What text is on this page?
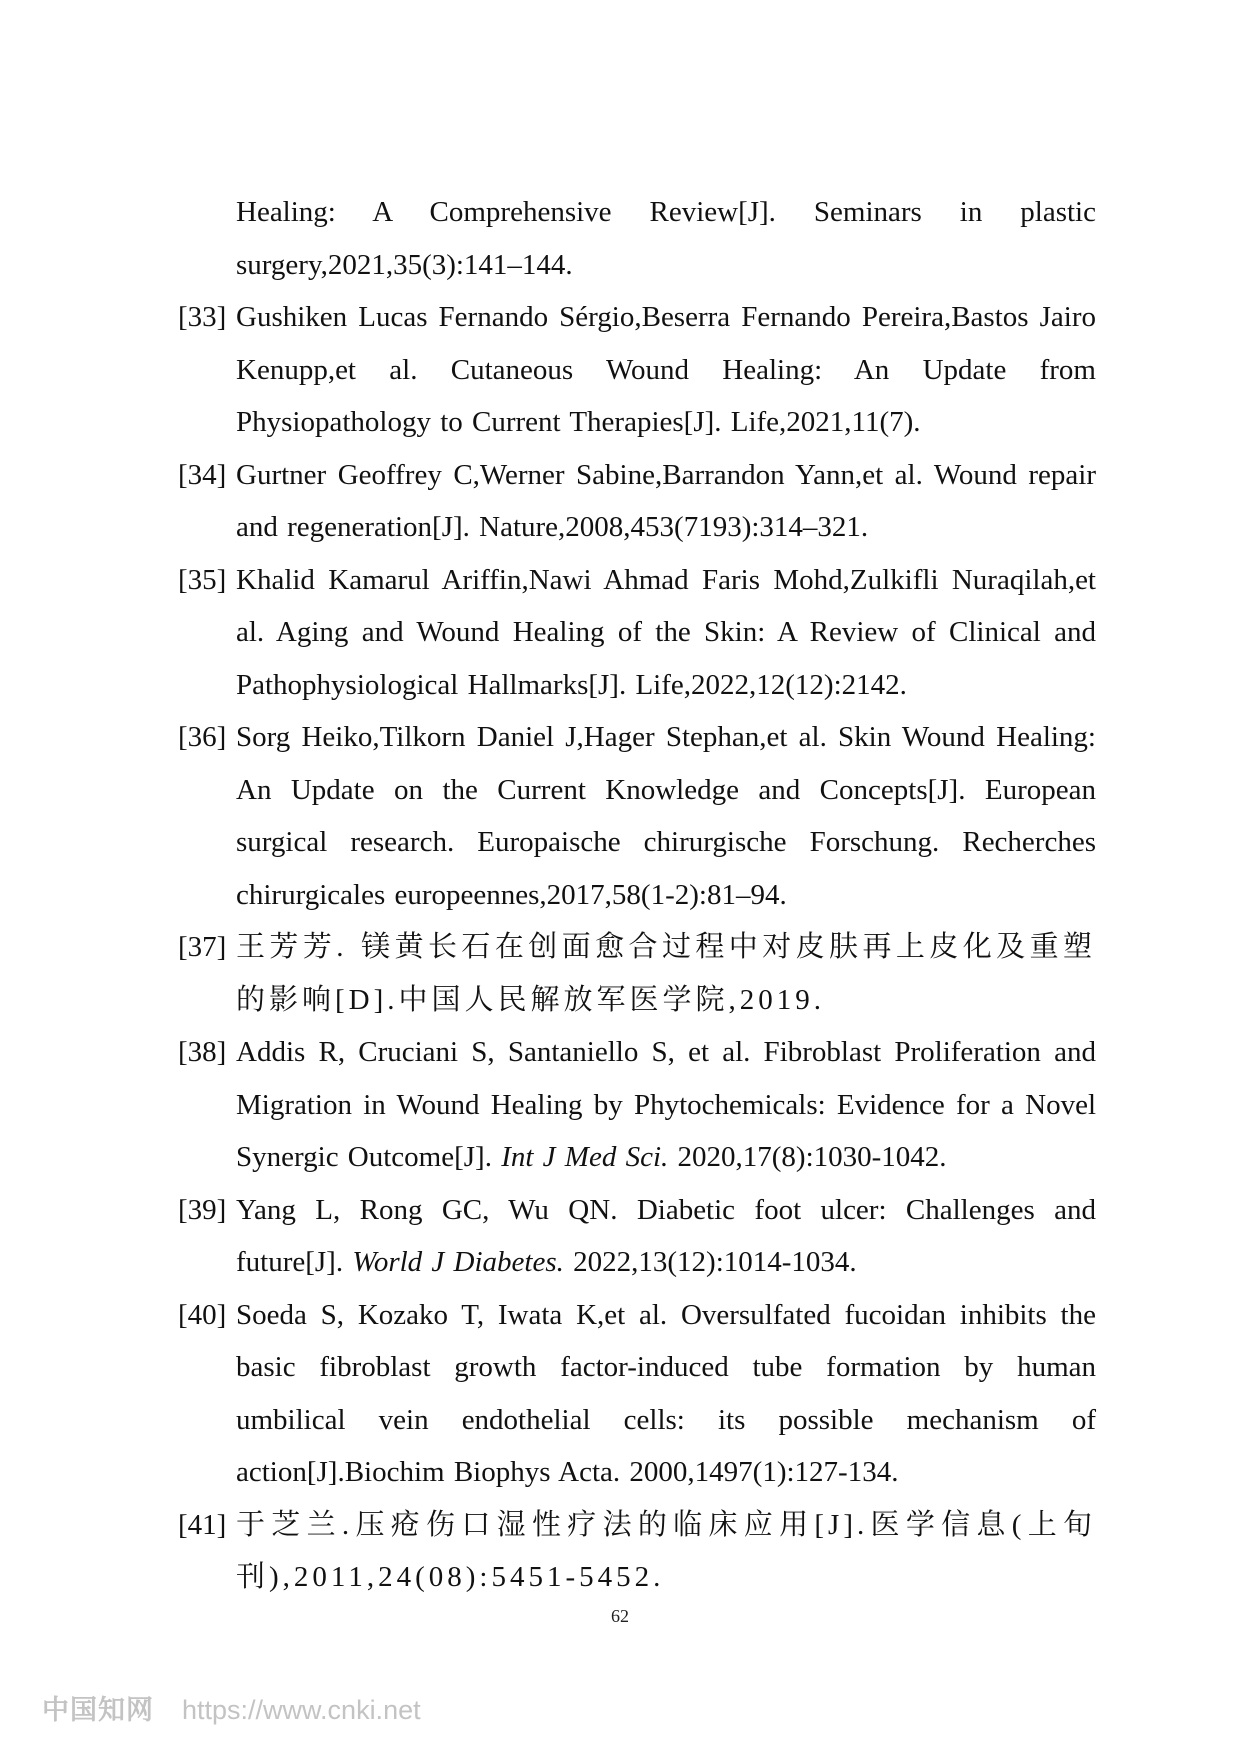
Healing: A Comprehensive Review[J]. Seminars in plastic surgery,2021,35(3):141–144.
[33] Gushiken Lucas Fernando Sérgio,Beserra Fernando Pereira,Bastos Jairo Kenupp,et al. Cutaneous Wound Healing: An Update from Physiopathology to Current Therapies[J]. Life,2021,11(7).
[34] Gurtner Geoffrey C,Werner Sabine,Barrandon Yann,et al. Wound repair and regeneration[J]. Nature,2008,453(7193):314–321.
[35] Khalid Kamarul Ariffin,Nawi Ahmad Faris Mohd,Zulkifli Nuraqilah,et al. Aging and Wound Healing of the Skin: A Review of Clinical and Pathophysiological Hallmarks[J]. Life,2022,12(12):2142.
[36] Sorg Heiko,Tilkorn Daniel J,Hager Stephan,et al. Skin Wound Healing: An Update on the Current Knowledge and Concepts[J]. European surgical research. Europaische chirurgische Forschung. Recherches chirurgicales europeennes,2017,58(1-2):81–94.
[37] 王芳芳. 镁黄长石在创面愈合过程中对皮肤再上皮化及重塑的影响[D].中国人民解放军医学院,2019.
[38] Addis R, Cruciani S, Santaniello S, et al. Fibroblast Proliferation and Migration in Wound Healing by Phytochemicals: Evidence for a Novel Synergic Outcome[J]. Int J Med Sci. 2020,17(8):1030-1042.
[39] Yang L, Rong GC, Wu QN. Diabetic foot ulcer: Challenges and future[J]. World J Diabetes. 2022,13(12):1014-1034.
[40] Soeda S, Kozako T, Iwata K,et al. Oversulfated fucoidan inhibits the basic fibroblast growth factor-induced tube formation by human umbilical vein endothelial cells: its possible mechanism of action[J].Biochim Biophys Acta. 2000,1497(1):127-134.
[41] 于芝兰.压疮伤口湿性疗法的临床应用[J].医学信息(上旬刊),2011,24(08):5451-5452.
62
中国知网 https://www.cnki.net
